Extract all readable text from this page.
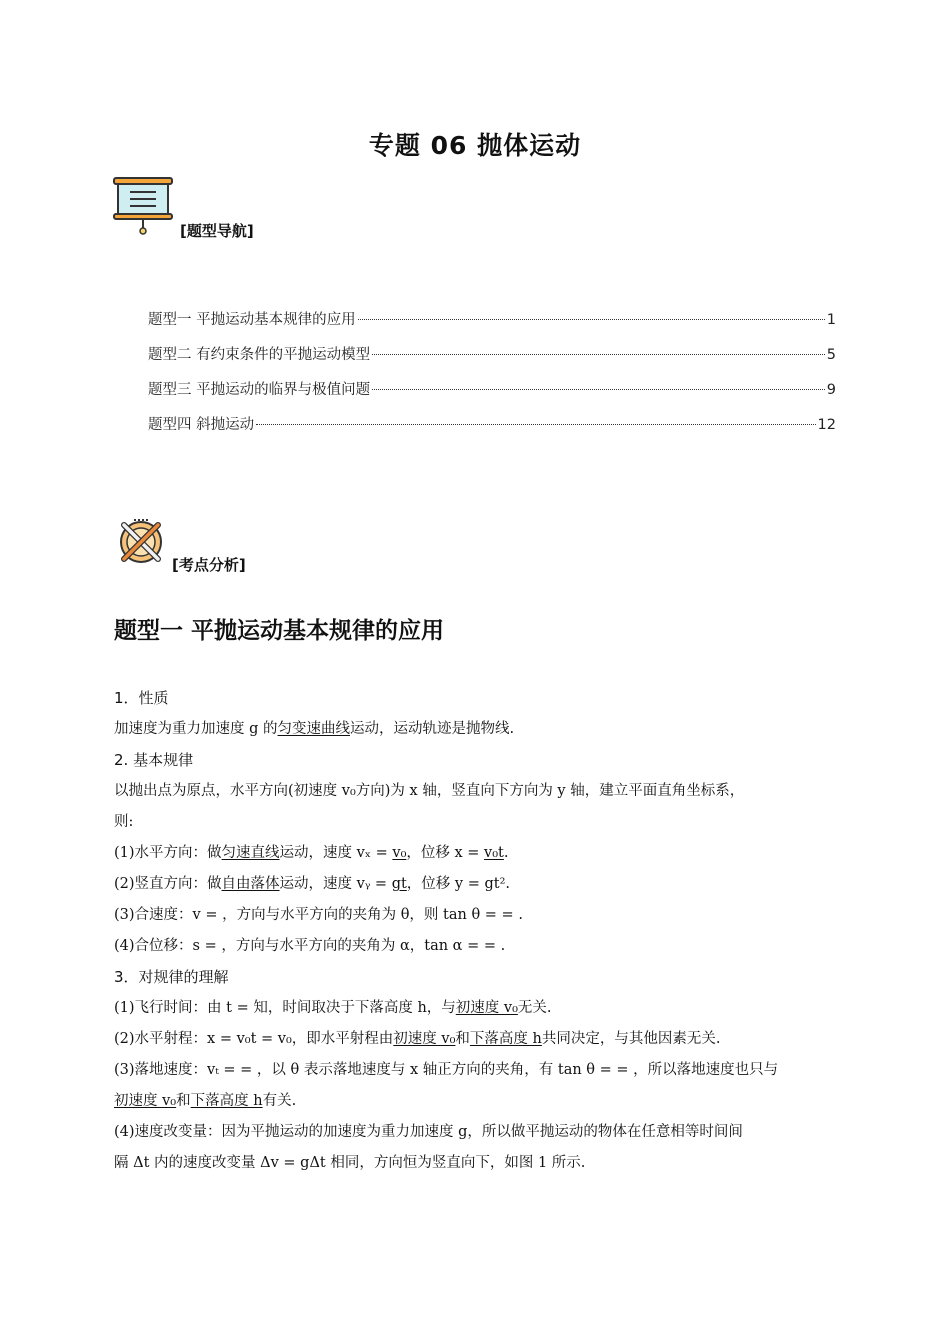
专题 06 抛体运动
[题型导航]
题型一 平抛运动基本规律的应用	1
题型二 有约束条件的平抛运动模型	5
题型三 平抛运动的临界与极值问题	9
题型四 斜抛运动	12
[考点分析]
题型一 平抛运动基本规律的应用
1．性质
加速度为重力加速度 g 的匀变速曲线运动，运动轨迹是抛物线.
2. 基本规律
以抛出点为原点，水平方向(初速度 v₀方向)为 x 轴，竖直向下方向为 y 轴，建立平面直角坐标系，
则:
(1)水平方向：做匀速直线运动，速度 vₓ = v₀，位移 x = v₀t.
(2)竖直方向：做自由落体运动，速度 vᵧ = gt，位移 y = gt².
(3)合速度：v = ，方向与水平方向的夹角为 θ，则 tan θ = = .
(4)合位移：s = ，方向与水平方向的夹角为 α，tan α = = .
3．对规律的理解
(1)飞行时间：由 t = 知，时间取决于下落高度 h，与初速度 v₀无关.
(2)水平射程：x = v₀t = v₀，即水平射程由初速度 v₀和下落高度 h共同决定，与其他因素无关.
(3)落地速度：vₜ = = ，以 θ 表示落地速度与 x 轴正方向的夹角，有 tan θ = = ，所以落地速度也只与
初速度 v₀和下落高度 h有关.
(4)速度改变量：因为平抛运动的加速度为重力加速度 g，所以做平抛运动的物体在任意相等时间间
隔 Δt 内的速度改变量 Δv = gΔt 相同，方向恒为竖直向下，如图 1 所示.
